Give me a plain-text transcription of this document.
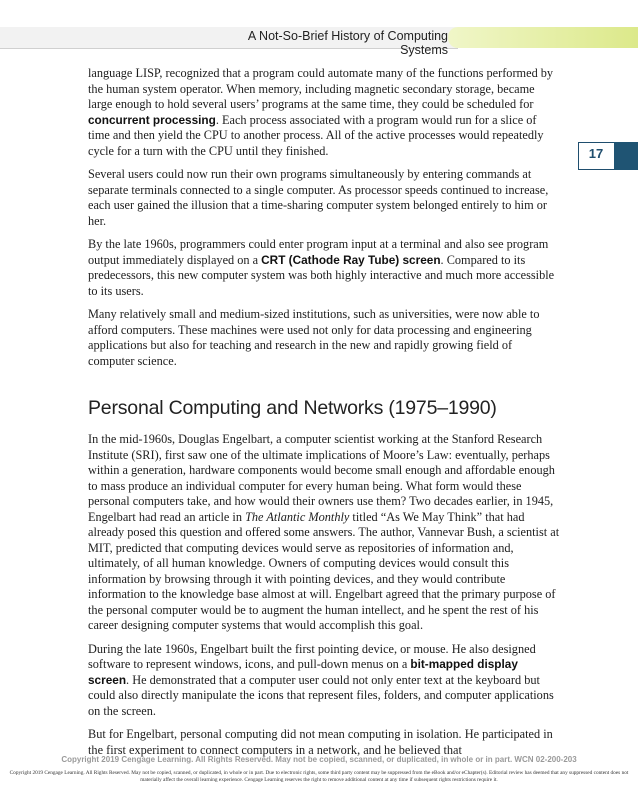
A Not-So-Brief History of Computing Systems
17

language LISP, recognized that a program could automate many of the functions performed by the human system operator. When memory, including magnetic secondary storage, became large enough to hold several users’ programs at the same time, they could be scheduled for concurrent processing. Each process associated with a program would run for a slice of time and then yield the CPU to another process. All of the active processes would repeatedly cycle for a turn with the CPU until they finished.

Several users could now run their own programs simultaneously by entering commands at separate terminals connected to a single computer. As processor speeds continued to increase, each user gained the illusion that a time-sharing computer system belonged entirely to him or her.

By the late 1960s, programmers could enter program input at a terminal and also see program output immediately displayed on a CRT (Cathode Ray Tube) screen. Compared to its predecessors, this new computer system was both highly interactive and much more accessible to its users.

Many relatively small and medium-sized institutions, such as universities, were now able to afford computers. These machines were used not only for data processing and engineering applications but also for teaching and research in the new and rapidly growing field of computer science.

Personal Computing and Networks (1975–1990)

In the mid-1960s, Douglas Engelbart, a computer scientist working at the Stanford Research Institute (SRI), first saw one of the ultimate implications of Moore’s Law: eventually, perhaps within a generation, hardware components would become small enough and affordable enough to mass produce an individual computer for every human being. What form would these personal computers take, and how would their owners use them? Two decades earlier, in 1945, Engelbart had read an article in The Atlantic Monthly titled “As We May Think” that had already posed this question and offered some answers. The author, Vannevar Bush, a scientist at MIT, predicted that computing devices would serve as repositories of information and, ultimately, of all human knowledge. Owners of computing devices would consult this information by browsing through it with pointing devices, and they would contribute information to the knowledge base almost at will. Engelbart agreed that the primary purpose of the personal computer would be to augment the human intellect, and he spent the rest of his career designing computer systems that would accomplish this goal.

During the late 1960s, Engelbart built the first pointing device, or mouse. He also designed software to represent windows, icons, and pull-down menus on a bit-mapped display screen. He demonstrated that a computer user could not only enter text at the keyboard but could also directly manipulate the icons that represent files, folders, and computer applications on the screen.

But for Engelbart, personal computing did not mean computing in isolation. He participated in the first experiment to connect computers in a network, and he believed that

Copyright 2019 Cengage Learning. All Rights Reserved. May not be copied, scanned, or duplicated, in whole or in part. WCN 02-200-203
Copyright 2019 Cengage Learning. All Rights Reserved. May not be copied, scanned, or duplicated, in whole or in part. Due to electronic rights, some third party content may be suppressed from the eBook and/or eChapter(s). Editorial review has deemed that any suppressed content does not materially affect the overall learning experience. Cengage Learning reserves the right to remove additional content at any time if subsequent rights restrictions require it.
